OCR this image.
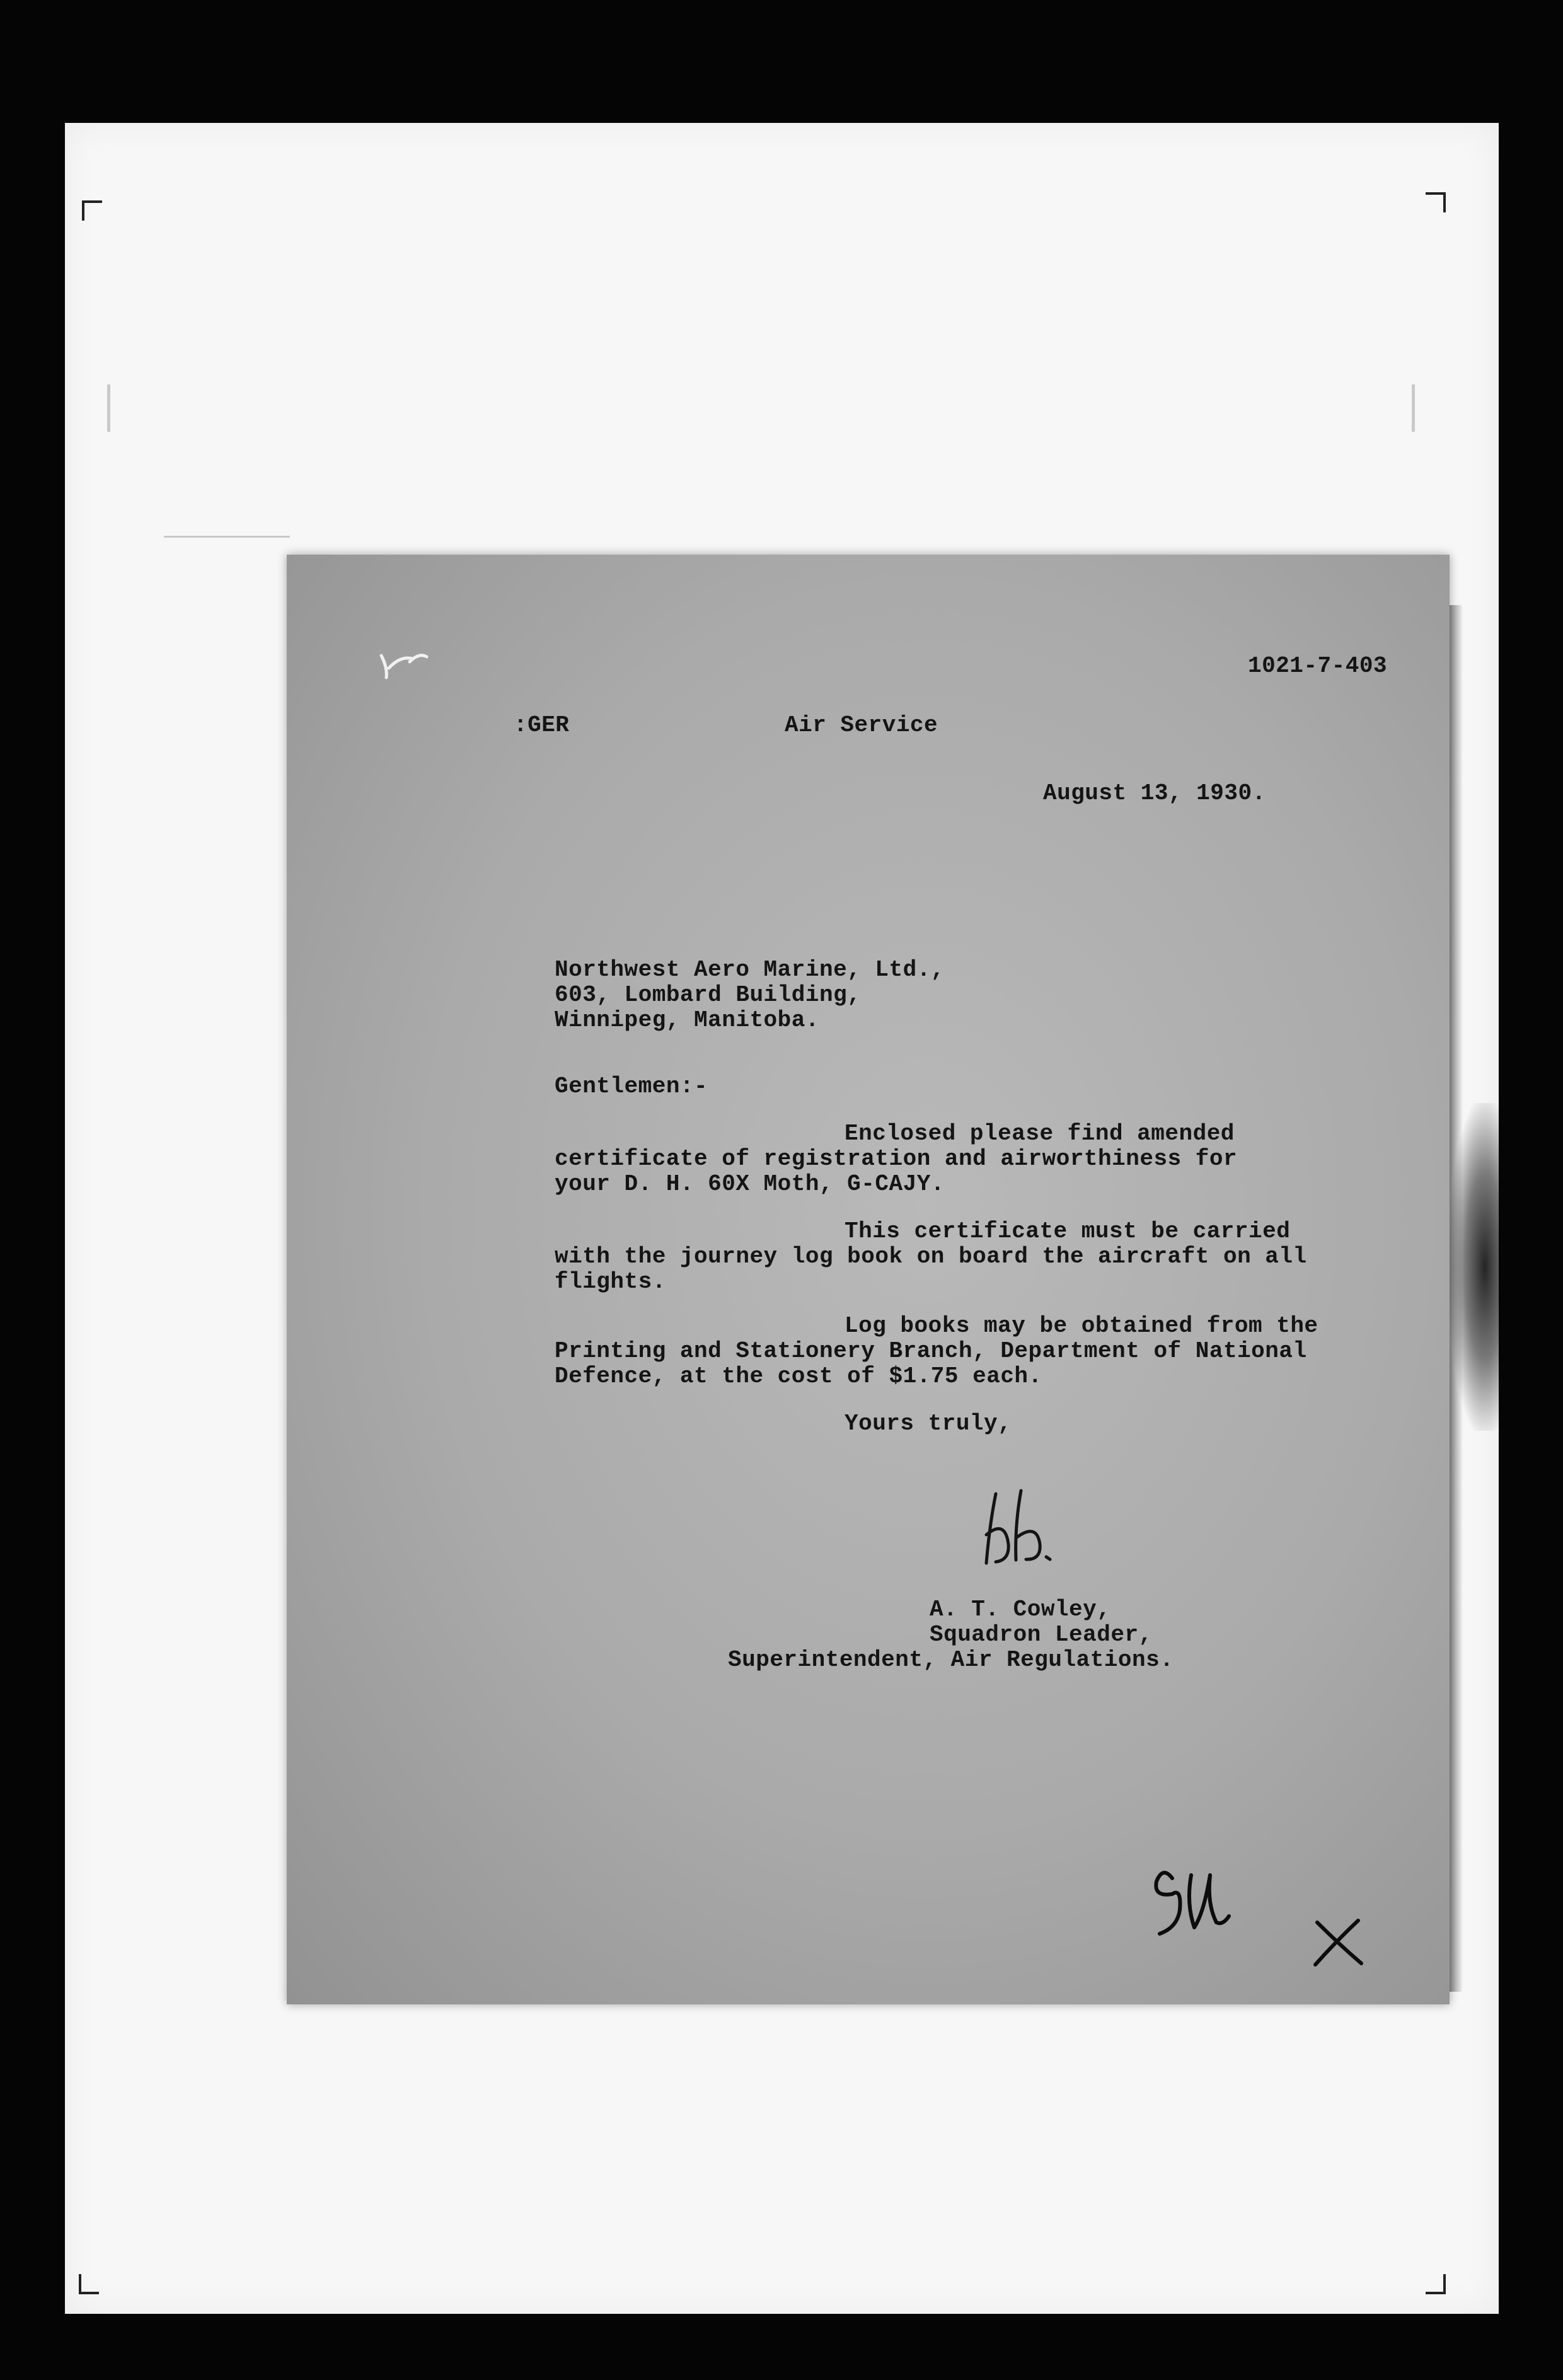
1021-7-403
:GER	Air Service
August 13, 1930.
Northwest Aero Marine, Ltd.,
603, Lombard Building,
Winnipeg, Manitoba.
Gentlemen:-
Enclosed please find amended
certificate of registration and airworthiness for
your D. H. 60X Moth, G-CAJY.
This certificate must be carried
with the journey log book on board the aircraft on all
flights.
Log books may be obtained from the
Printing and Stationery Branch, Department of National
Defence, at the cost of $1.75 each.
Yours truly,
A. T. Cowley,
Squadron Leader,
Superintendent, Air Regulations.
